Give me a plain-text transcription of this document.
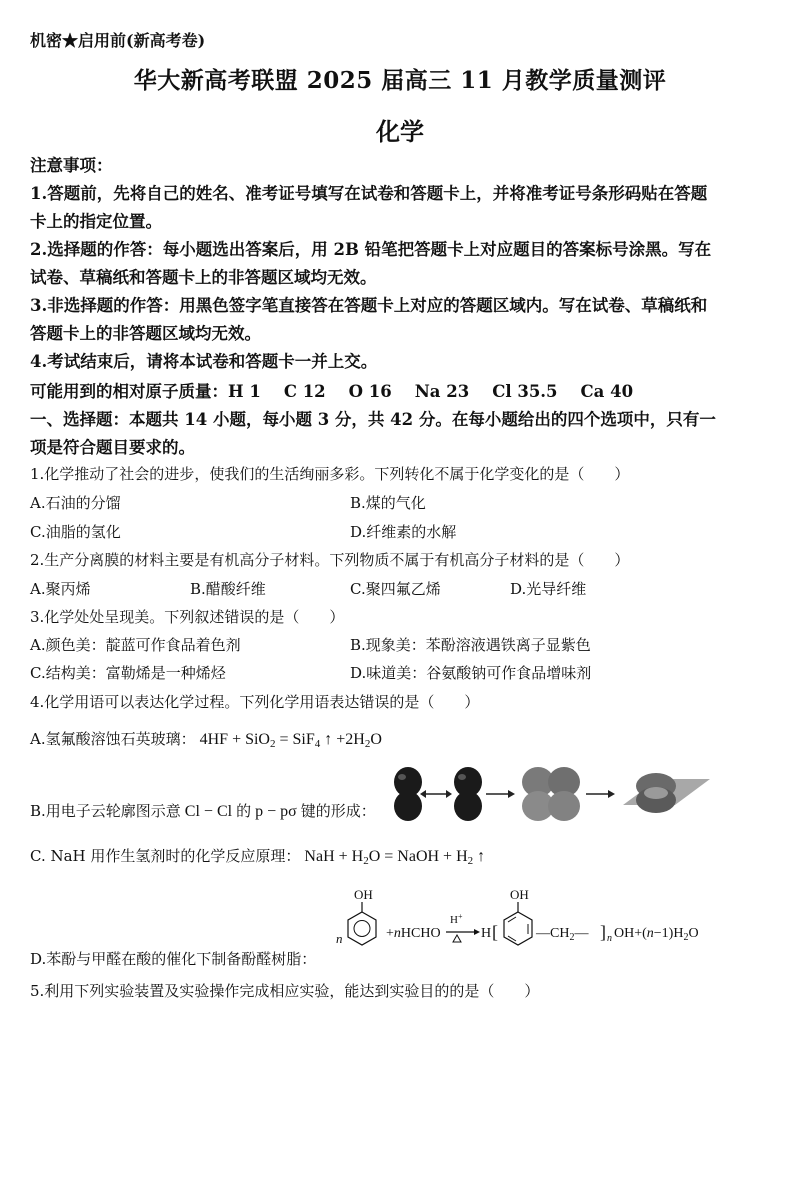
机密★启用前(新高考卷)
华大新高考联盟 2025 届高三 11 月教学质量测评
化学
注意事项：
1.答题前，先将自己的姓名、准考证号填写在试卷和答题卡上，并将准考证号条形码贴在答题
卡上的指定位置。
2.选择题的作答：每小题选出答案后，用 2B 铅笔把答题卡上对应题目的答案标号涂黑。写在
试卷、草稿纸和答题卡上的非答题区域均无效。
3.非选择题的作答：用黑色签字笔直接答在答题卡上对应的答题区域内。写在试卷、草稿纸和
答题卡上的非答题区域均无效。
4.考试结束后，请将本试卷和答题卡一并上交。
可能用到的相对原子质量：H 1 C 12 O 16 Na 23 Cl 35.5 Ca 40
一、选择题：本题共 14 小题，每小题 3 分，共 42 分。在每小题给出的四个选项中，只有一
项是符合题目要求的。
1.化学推动了社会的进步，使我们的生活绚丽多彩。下列转化不属于化学变化的是（　　）
A.石油的分馏	B.煤的气化
C.油脂的氢化	D.纤维素的水解
2.生产分离膜的材料主要是有机高分子材料。下列物质不属于有机高分子材料的是（　　）
A.聚丙烯	B.醋酸纤维	C.聚四氟乙烯	D.光导纤维
3.化学处处呈现美。下列叙述错误的是（　　）
A.颜色美：靛蓝可作食品着色剂	B.现象美：苯酚溶液遇铁离子显紫色
C.结构美：富勒烯是一种烯烃	D.味道美：谷氨酸钠可作食品增味剂
4.化学用语可以表达化学过程。下列化学用语表达错误的是（　　）
A.氢氟酸溶蚀石英玻璃： 4HF + SiO$_2$ = SiF$_4$ ↑ $+2H_2O$
B.用电子云轮廓图示意 Cl − Cl 的 p − pσ 键的形成：
C. NaH 用作生氢剂时的化学反应原理： NaH + $H_2O$ = NaOH + $H_2$ ↑
D.苯酚与甲醛在酸的催化下制备酚醛树脂：
OH
n	+nHCHO
H+
H [
OH
$—CH_2—$ ] n $OH+(n-1)H_2O$
5.利用下列实验装置及实验操作完成相应实验，能达到实验目的的是（　　）
